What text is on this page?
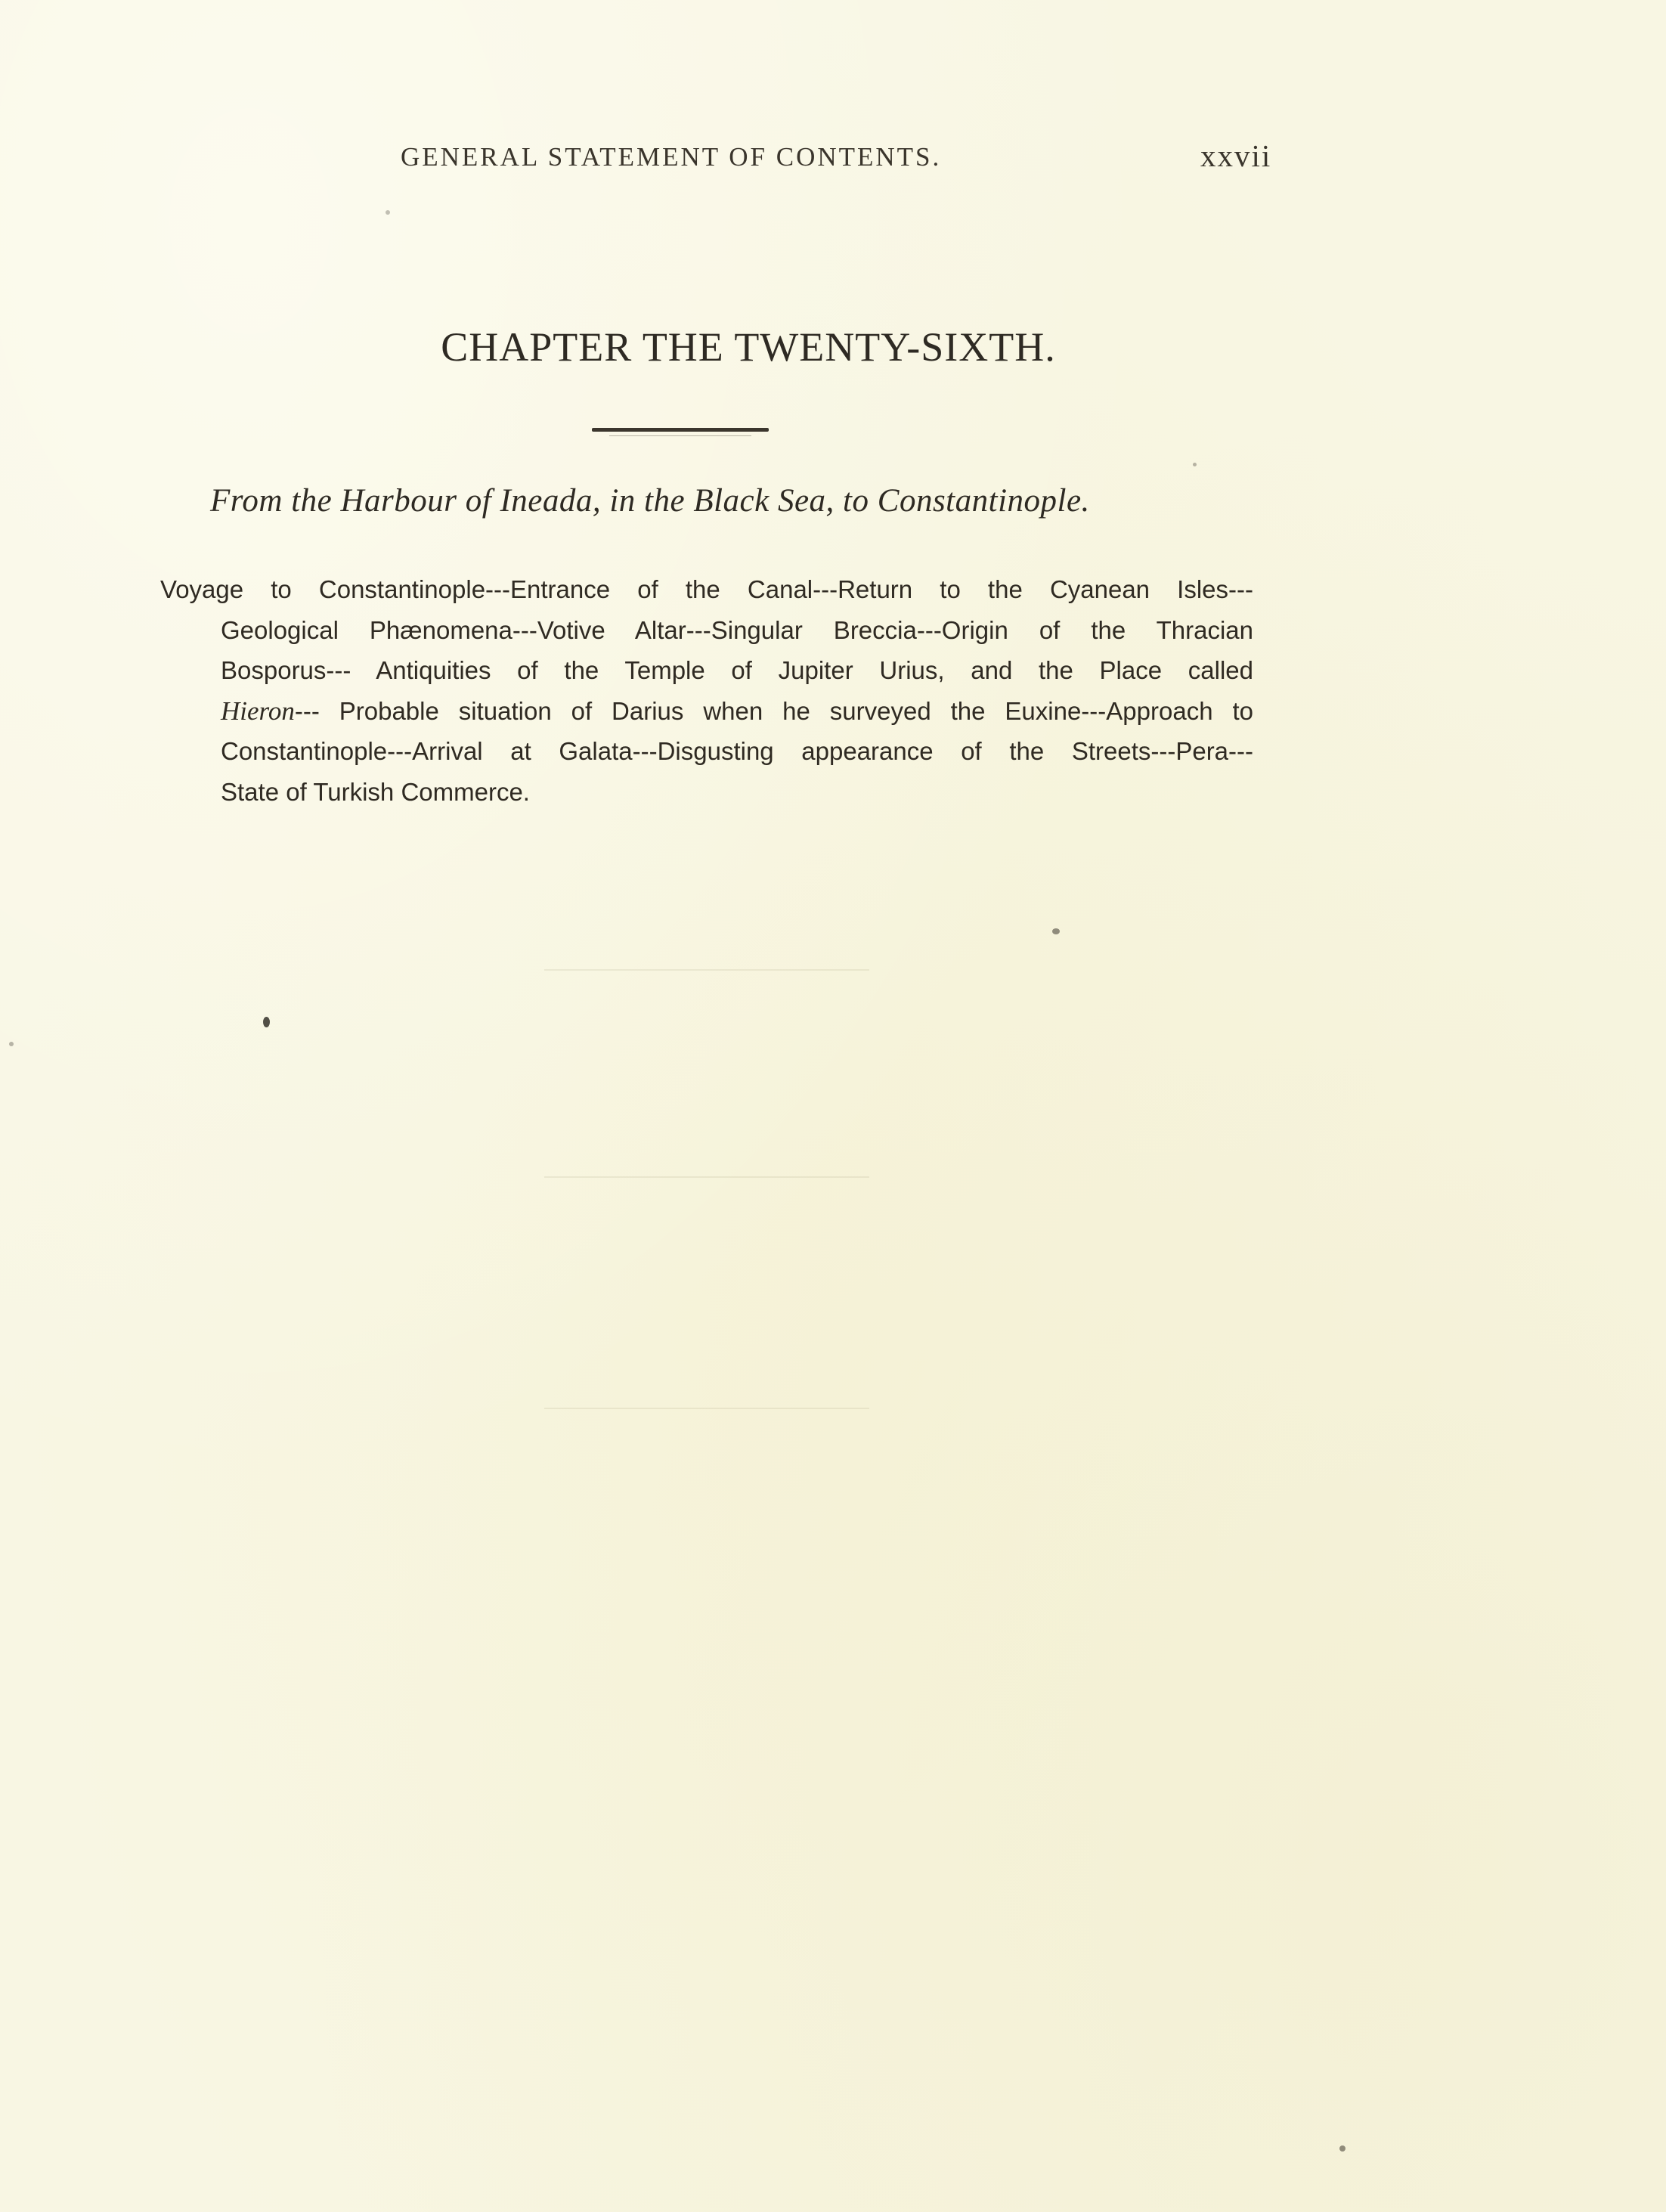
GENERAL STATEMENT OF CONTENTS.	xxvii
CHAPTER THE TWENTY-SIXTH.
From the Harbour of Ineada, in the Black Sea, to Constantinople.
Voyage to Constantinople---Entrance of the Canal---Return to the Cyanean Isles---
Geological Phænomena---Votive Altar---Singular Breccia---Origin of the Thracian
Bosporus--- Antiquities of the Temple of Jupiter Urius, and the Place called
Hieron--- Probable situation of Darius when he surveyed the Euxine---Approach to
Constantinople---Arrival at Galata---Disgusting appearance of the Streets---Pera---
State of Turkish Commerce.
